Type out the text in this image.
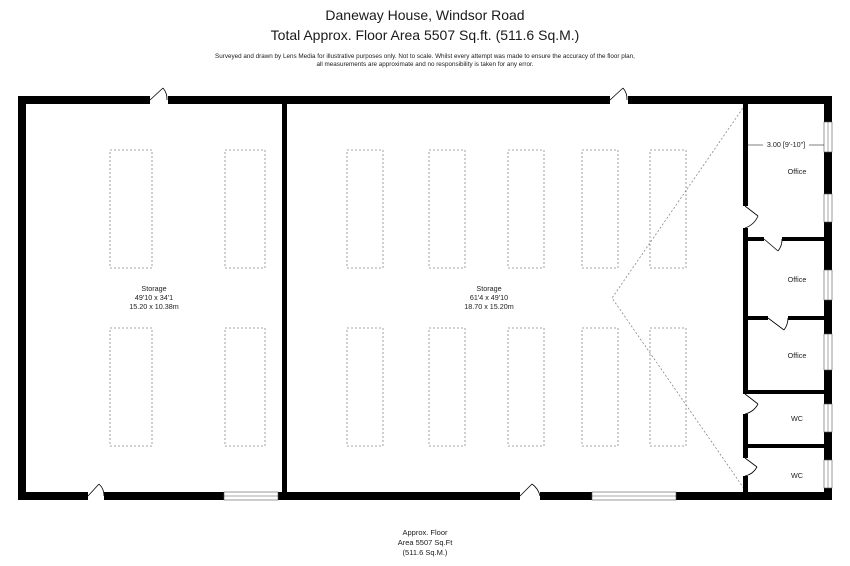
Daneway House, Windsor Road
Total Approx. Floor Area 5507 Sq.ft. (511.6 Sq.M.)
Surveyed and drawn by Lens Media for illustrative purposes only. Not to scale. Whilst every attempt was made to ensure the accuracy of the floor plan,
all measurements are approximate and no responsibility is taken for any error.
3.00 [9'-10"]
Storage
49'10 x 34'1
15.20 x 10.38m
Storage
61'4 x 49'10
18.70 x 15.20m
Office
Office
Office
WC
WC
Approx. Floor
Area 5507 Sq.Ft
(511.6 Sq.M.)
